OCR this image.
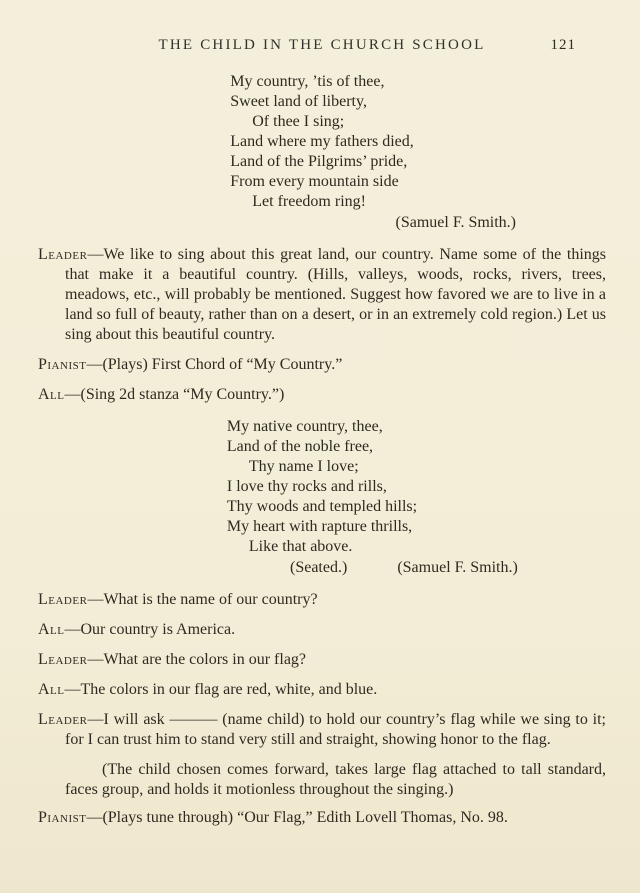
THE CHILD IN THE CHURCH SCHOOL	121
My country, ’tis of thee,
Sweet land of liberty,
Of thee I sing;
Land where my fathers died,
Land of the Pilgrims’ pride,
From every mountain side
Let freedom ring!
(Samuel F. Smith.)

Leader—We like to sing about this great land, our country. Name some of the things that make it a beautiful country. (Hills, valleys, woods, rocks, rivers, trees, meadows, etc., will probably be mentioned. Suggest how favored we are to live in a land so full of beauty, rather than on a desert, or in an extremely cold region.) Let us sing about this beautiful country.

Pianist—(Plays) First Chord of “My Country.”

All—(Sing 2d stanza “My Country.”)

My native country, thee,
Land of the noble free,
Thy name I love;
I love thy rocks and rills,
Thy woods and templed hills;
My heart with rapture thrills,
Like that above.
(Seated.)	(Samuel F. Smith.)

Leader—What is the name of our country?

All—Our country is America.

Leader—What are the colors in our flag?

All—The colors in our flag are red, white, and blue.

Leader—I will ask ——— (name child) to hold our country’s flag while we sing to it; for I can trust him to stand very still and straight, showing honor to the flag.

(The child chosen comes forward, takes large flag attached to tall standard, faces group, and holds it motionless throughout the singing.)

Pianist—(Plays tune through) “Our Flag,” Edith Lovell Thomas, No. 98.
